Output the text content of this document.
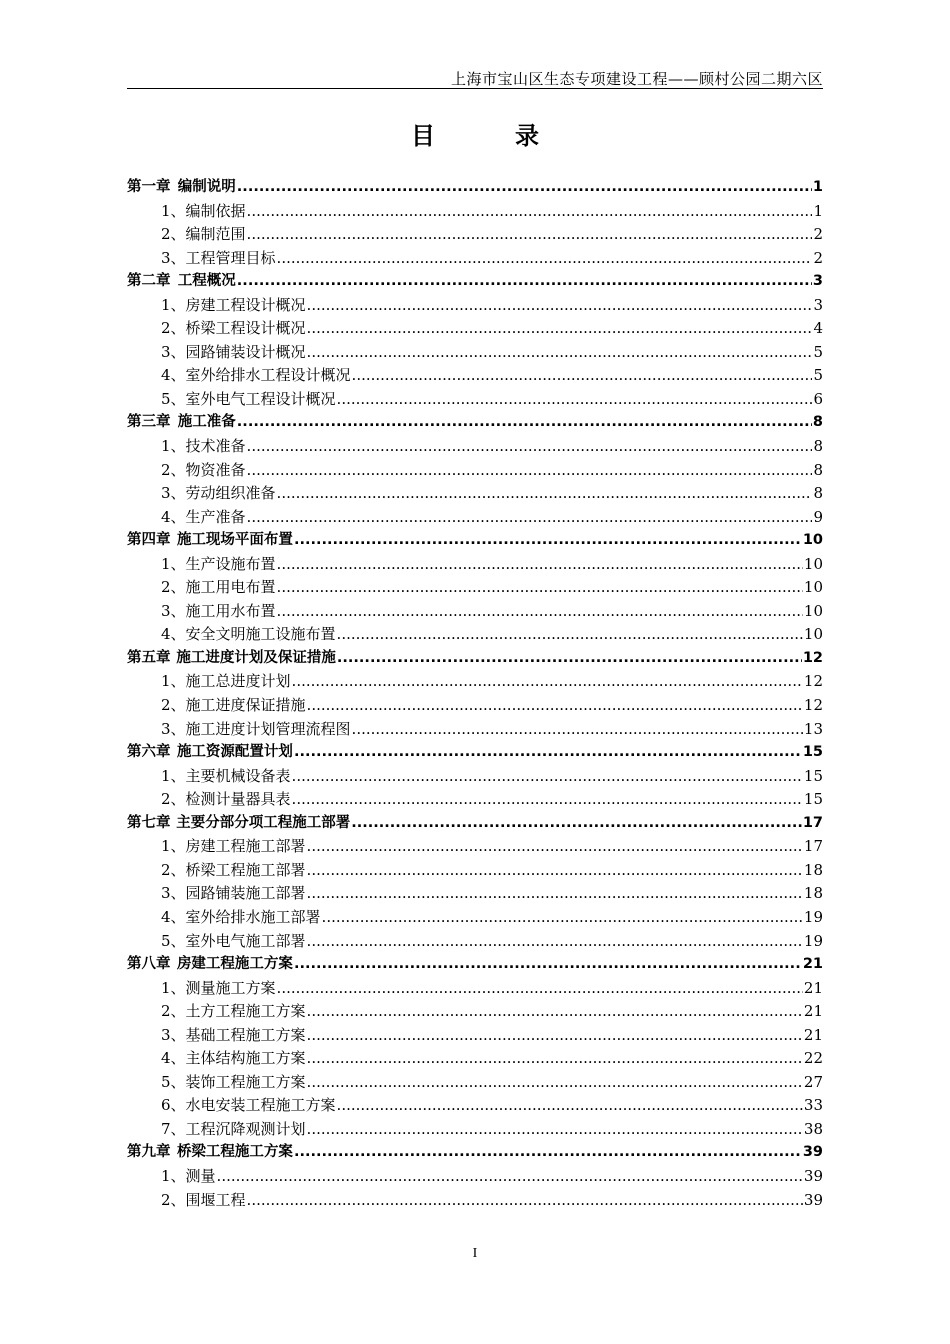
上海市宝山区生态专项建设工程——顾村公园二期六区
目　录
第一章 编制说明 .....	1
1、编制依据 .....	1
2、编制范围 .....	2
3、工程管理目标 .....	2
第二章 工程概况 .....	3
1、房建工程设计概况 .....	3
2、桥梁工程设计概况 .....	4
3、园路铺装设计概况 .....	5
4、室外给排水工程设计概况 .....	5
5、室外电气工程设计概况 .....	6
第三章 施工准备 .....	8
1、技术准备 .....	8
2、物资准备 .....	8
3、劳动组织准备 .....	8
4、生产准备 .....	9
第四章 施工现场平面布置 .....	10
1、生产设施布置 .....	10
2、施工用电布置 .....	10
3、施工用水布置 .....	10
4、安全文明施工设施布置 .....	10
第五章 施工进度计划及保证措施 .....	12
1、施工总进度计划 .....	12
2、施工进度保证措施 .....	12
3、施工进度计划管理流程图 .....	13
第六章 施工资源配置计划 .....	15
1、主要机械设备表 .....	15
2、检测计量器具表 .....	15
第七章 主要分部分项工程施工部署 .....	17
1、房建工程施工部署 .....	17
2、桥梁工程施工部署 .....	18
3、园路铺装施工部署 .....	18
4、室外给排水施工部署 .....	19
5、室外电气施工部署 .....	19
第八章 房建工程施工方案 .....	21
1、测量施工方案 .....	21
2、土方工程施工方案 .....	21
3、基础工程施工方案 .....	21
4、主体结构施工方案 .....	22
5、装饰工程施工方案 .....	27
6、水电安装工程施工方案 .....	33
7、工程沉降观测计划 .....	38
第九章 桥梁工程施工方案 .....	39
1、测量 .....	39
2、围堰工程 .....	39
I
